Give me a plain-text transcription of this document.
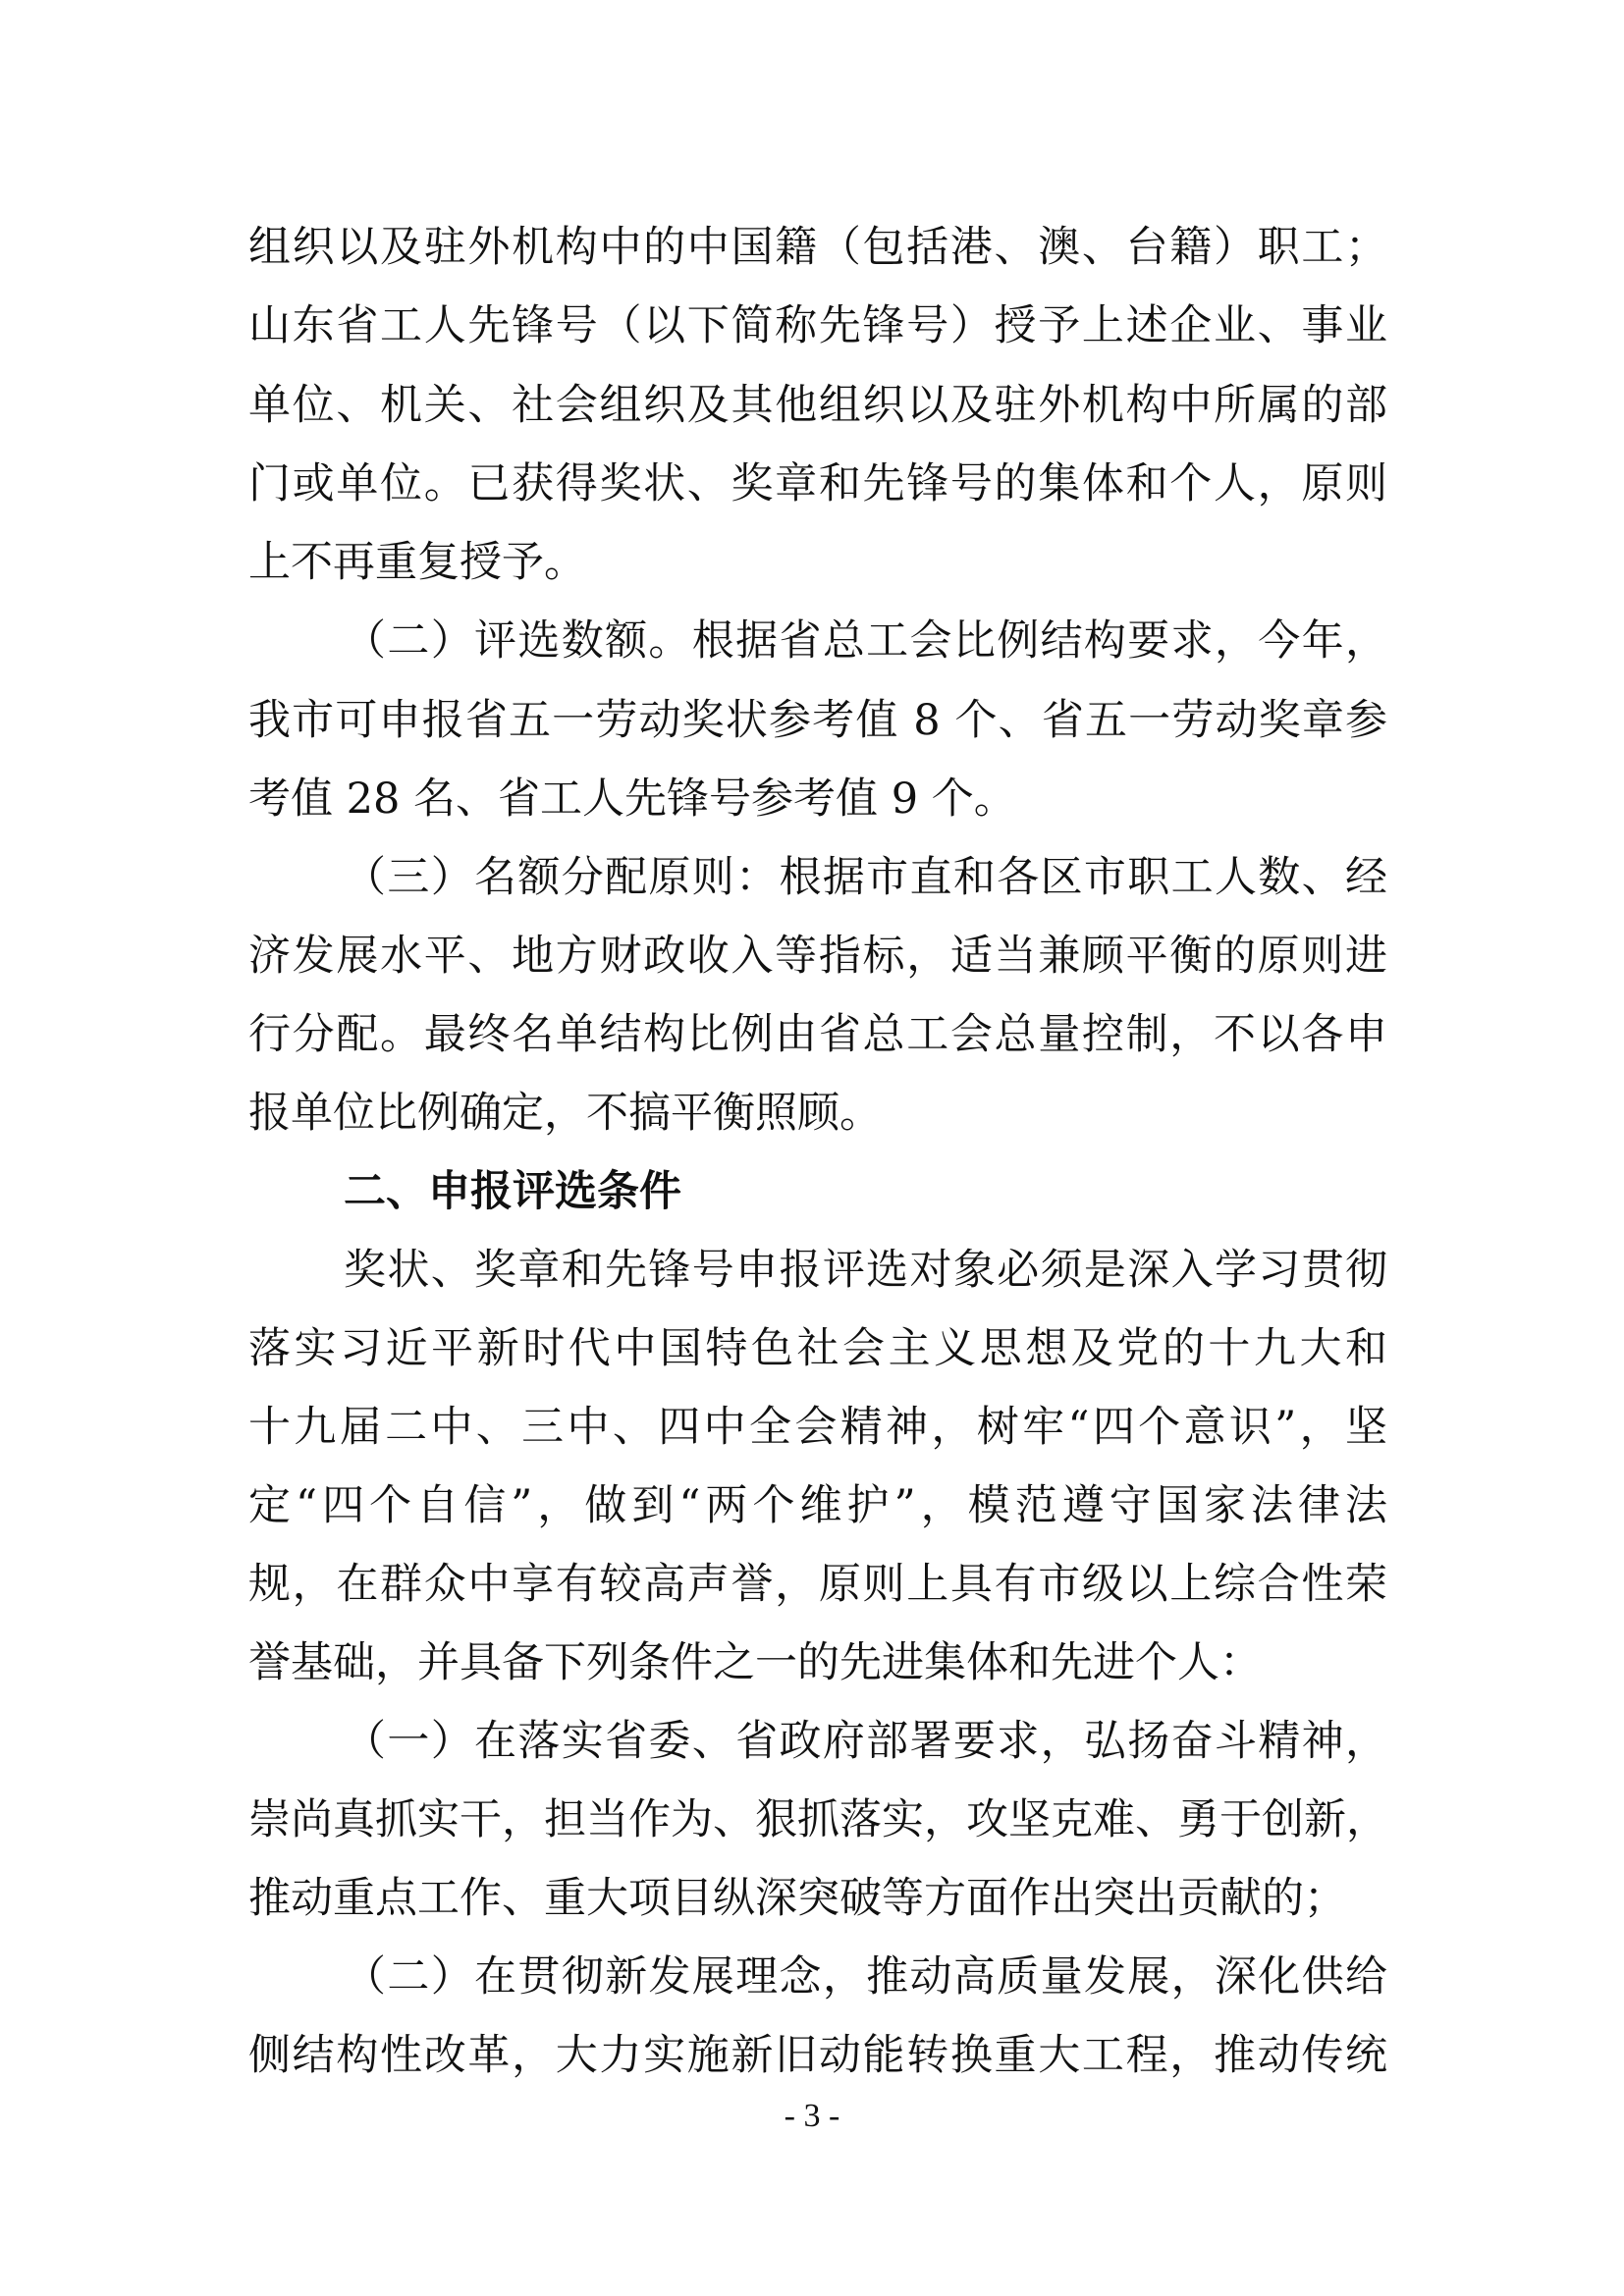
组织以及驻外机构中的中国籍（包括港、澳、台籍）职工；
山东省工人先锋号（以下简称先锋号）授予上述企业、事业
单位、机关、社会组织及其他组织以及驻外机构中所属的部
门或单位。已获得奖状、奖章和先锋号的集体和个人，原则
上不再重复授予。
（二）评选数额。根据省总工会比例结构要求，今年，
我市可申报省五一劳动奖状参考值 8 个、省五一劳动奖章参
考值 28 名、省工人先锋号参考值 9 个。
（三）名额分配原则：根据市直和各区市职工人数、经
济发展水平、地方财政收入等指标，适当兼顾平衡的原则进
行分配。最终名单结构比例由省总工会总量控制，不以各申
报单位比例确定，不搞平衡照顾。
二、申报评选条件
奖状、奖章和先锋号申报评选对象必须是深入学习贯彻
落实习近平新时代中国特色社会主义思想及党的十九大和
十九届二中、三中、四中全会精神，树牢“四个意识”，坚
定“四个自信”，做到“两个维护”，模范遵守国家法律法
规，在群众中享有较高声誉，原则上具有市级以上综合性荣
誉基础，并具备下列条件之一的先进集体和先进个人：
（一）在落实省委、省政府部署要求，弘扬奋斗精神，
崇尚真抓实干，担当作为、狠抓落实，攻坚克难、勇于创新，
推动重点工作、重大项目纵深突破等方面作出突出贡献的；
（二）在贯彻新发展理念，推动高质量发展，深化供给
侧结构性改革，大力实施新旧动能转换重大工程，推动传统
- 3 -
